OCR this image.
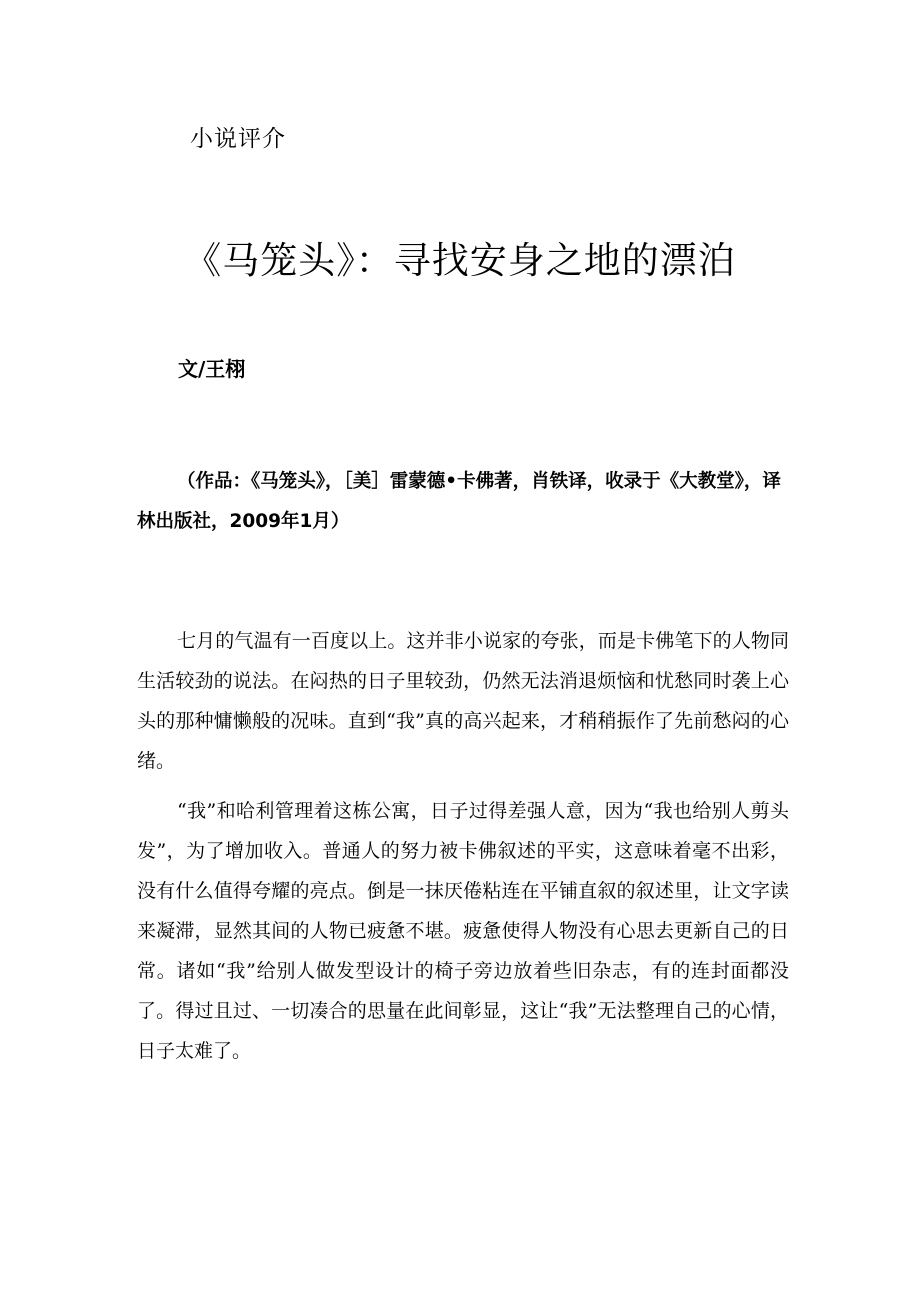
小说评介
《马笼头》：寻找安身之地的漂泊
文/王栩

（作品：《马笼头》，［美］雷蒙德•卡佛著，肖铁译，收录于《大教堂》，译林出版社，2009年1月）

七月的气温有一百度以上。这并非小说家的夸张，而是卡佛笔下的人物同生活较劲的说法。在闷热的日子里较劲，仍然无法消退烦恼和忧愁同时袭上心头的那种慵懒般的况味。直到“我”真的高兴起来，才稍稍振作了先前愁闷的心绪。

“我”和哈利管理着这栋公寓，日子过得差强人意，因为“我也给别人剪头发”，为了增加收入。普通人的努力被卡佛叙述的平实，这意味着毫不出彩，没有什么值得夸耀的亮点。倒是一抹厌倦粘连在平铺直叙的叙述里，让文字读来凝滞，显然其间的人物已疲惫不堪。疲惫使得人物没有心思去更新自己的日常。诸如“我”给别人做发型设计的椅子旁边放着些旧杂志，有的连封面都没了。得过且过、一切凑合的思量在此间彰显，这让“我”无法整理自己的心情，日子太难了。
